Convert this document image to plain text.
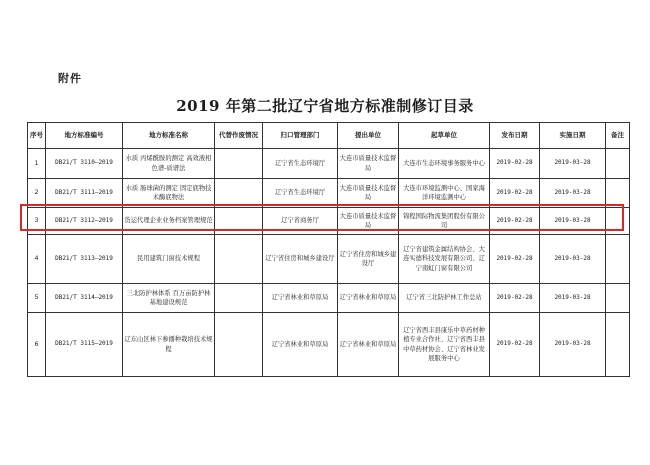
附件
2019 年第二批辽宁省地方标准制修订目录
序号	地方标准编号	地方标准名称	代替作废情况	归口管理部门	提出单位	起草单位	发布日期	实施日期	备注
1	DB21/T 3110—2019	水质 丙烯酰胺的测定 高效液相色谱-质谱法		辽宁省生态环境厅	大连市质量技术监督局	大连市生态环境事务服务中心	2019-02-28	2019-03-28	
2	DB21/T 3111—2019	水质 肠球菌的测定 固定底物技术酶底物法		辽宁省生态环境厅	大连市质量技术监督局	大连市环境监测中心、国家海洋环境监测中心	2019-02-28	2019-03-28	
3	DB21/T 3112—2019	货运代理企业业务档案管理规范		辽宁省商务厅	大连市质量技术监督局	锦程国际物流集团股份有限公司	2019-02-28	2019-03-28	
4	DB21/T 3113—2019	民用建筑门窗技术规程		辽宁省住房和城乡建设厅	辽宁省住房和城乡建设厅	辽宁省建筑金属结构协会、大连实德科技发展有限公司、辽宁南虹门窗有限公司	2019-02-28	2019-03-28	
5	DB21/T 3114—2019	三北防护林体系 百万亩防护林基地建设规范		辽宁省林业和草原局	辽宁省林业和草原局	辽宁省三北防护林工作总站	2019-02-28	2019-03-28	
6	DB21/T 3115—2019	辽东山区林下参播种栽培技术规程		辽宁省林业和草原局	辽宁省林业和草原局	辽宁省西丰县康乐中草药材种植专业合作社、辽宁省西丰县中草药材协会、辽宁省林业发展服务中心	2019-02-28	2019-03-28	
